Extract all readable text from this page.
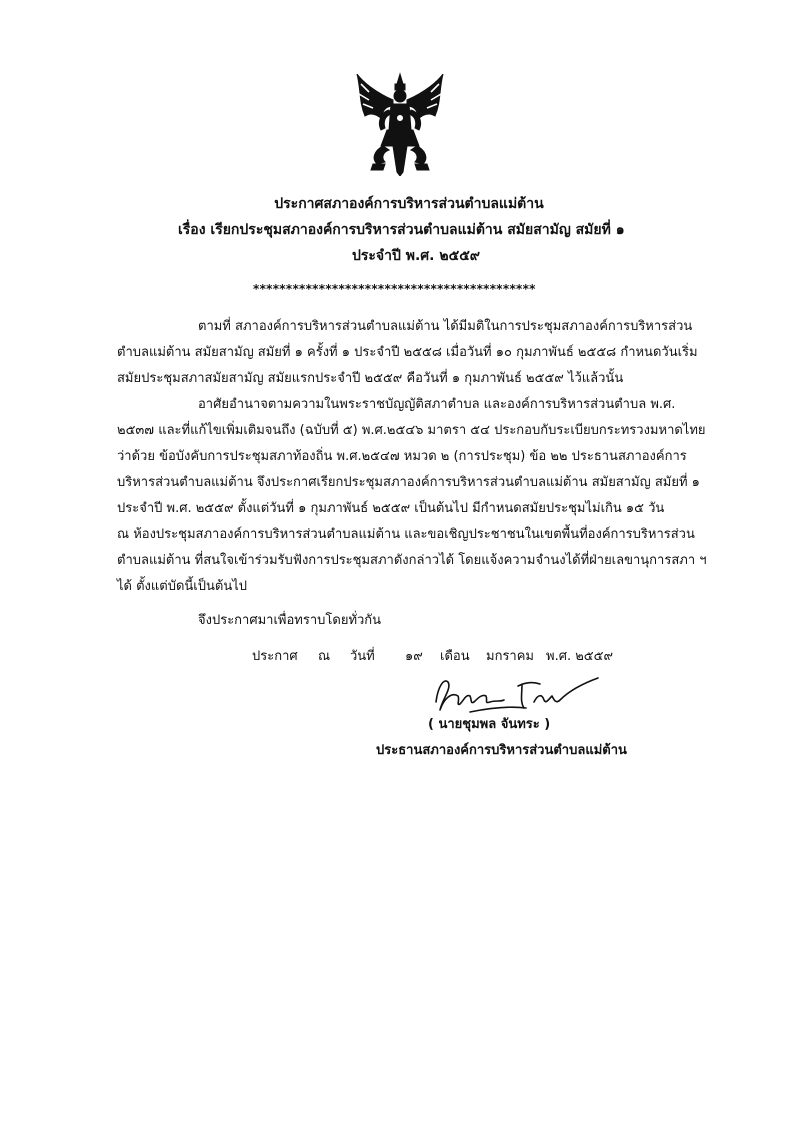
ประกาศสภาองค์การบริหารส่วนตำบลแม่ต้าน
เรื่อง เรียกประชุมสภาองค์การบริหารส่วนตำบลแม่ต้าน สมัยสามัญ สมัยที่ ๑
ประจำปี พ.ศ. ๒๕๕๙
*******************************************
ตามที่ สภาองค์การบริหารส่วนตำบลแม่ต้าน ได้มีมติในการประชุมสภาองค์การบริหารส่วน
ตำบลแม่ต้าน สมัยสามัญ สมัยที่ ๑ ครั้งที่ ๑ ประจำปี ๒๕๕๘ เมื่อวันที่ ๑๐ กุมภาพันธ์ ๒๕๕๘ กำหนดวันเริ่ม
สมัยประชุมสภาสมัยสามัญ สมัยแรกประจำปี ๒๕๕๙ คือวันที่ ๑ กุมภาพันธ์ ๒๕๕๙ ไว้แล้วนั้น
อาศัยอำนาจตามความในพระราชบัญญัติสภาตำบล และองค์การบริหารส่วนตำบล พ.ศ.
๒๕๓๗ และที่แก้ไขเพิ่มเติมจนถึง (ฉบับที่ ๕) พ.ศ.๒๕๔๖ มาตรา ๕๔ ประกอบกับระเบียบกระทรวงมหาดไทย
ว่าด้วย ข้อบังคับการประชุมสภาท้องถิ่น พ.ศ.๒๕๔๗ หมวด ๒ (การประชุม) ข้อ ๒๒ ประธานสภาองค์การ
บริหารส่วนตำบลแม่ต้าน จึงประกาศเรียกประชุมสภาองค์การบริหารส่วนตำบลแม่ต้าน สมัยสามัญ สมัยที่ ๑
ประจำปี พ.ศ. ๒๕๕๙ ตั้งแต่วันที่ ๑ กุมภาพันธ์ ๒๕๕๙ เป็นต้นไป มีกำหนดสมัยประชุมไม่เกิน ๑๕ วัน
ณ ห้องประชุมสภาองค์การบริหารส่วนตำบลแม่ต้าน และขอเชิญประชาชนในเขตพื้นที่องค์การบริหารส่วน
ตำบลแม่ต้าน ที่สนใจเข้าร่วมรับฟังการประชุมสภาดังกล่าวได้ โดยแจ้งความจำนงได้ที่ฝ่ายเลขานุการสภา ฯ
ได้ ตั้งแต่บัดนี้เป็นต้นไป
จึงประกาศมาเพื่อทราบโดยทั่วกัน
ประกาศ ณ วันที่ ๑๙ เดือน มกราคม พ.ศ. ๒๕๕๙
( นายชุมพล จันทระ )
ประธานสภาองค์การบริหารส่วนตำบลแม่ต้าน
